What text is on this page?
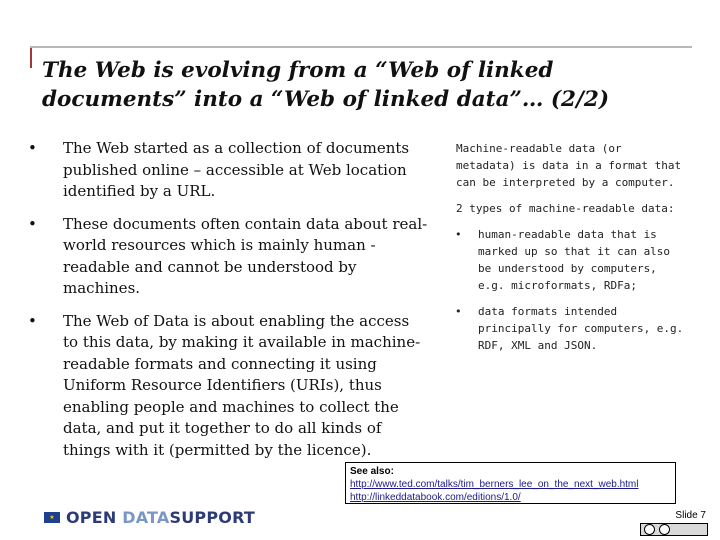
The Web is evolving from a “Web of linked documents” into a “Web of linked data”… (2/2)
• The Web started as a collection of documents published online – accessible at Web location identified by a URL.
• These documents often contain data about real-world resources which is mainly human -readable and cannot be understood by machines.
• The Web of Data is about enabling the access to this data, by making it available in machine-readable formats and connecting it using Uniform Resource Identifiers (URIs), thus enabling people and machines to collect the data, and put it together to do all kinds of things with it (permitted by the licence).

Machine-readable data (or metadata) is data in a format that can be interpreted by a computer.

2 types of machine-readable data:

• human-readable data that is marked up so that it can also be understood by computers, e.g. microformats, RDFa;
• data formats intended principally for computers, e.g. RDF, XML and JSON.
See also:
http://www.ted.com/talks/tim_berners_lee_on_the_next_web.html
http://linkeddatabook.com/editions/1.0/
★ OPEN DATASUPPORT	Slide 7
